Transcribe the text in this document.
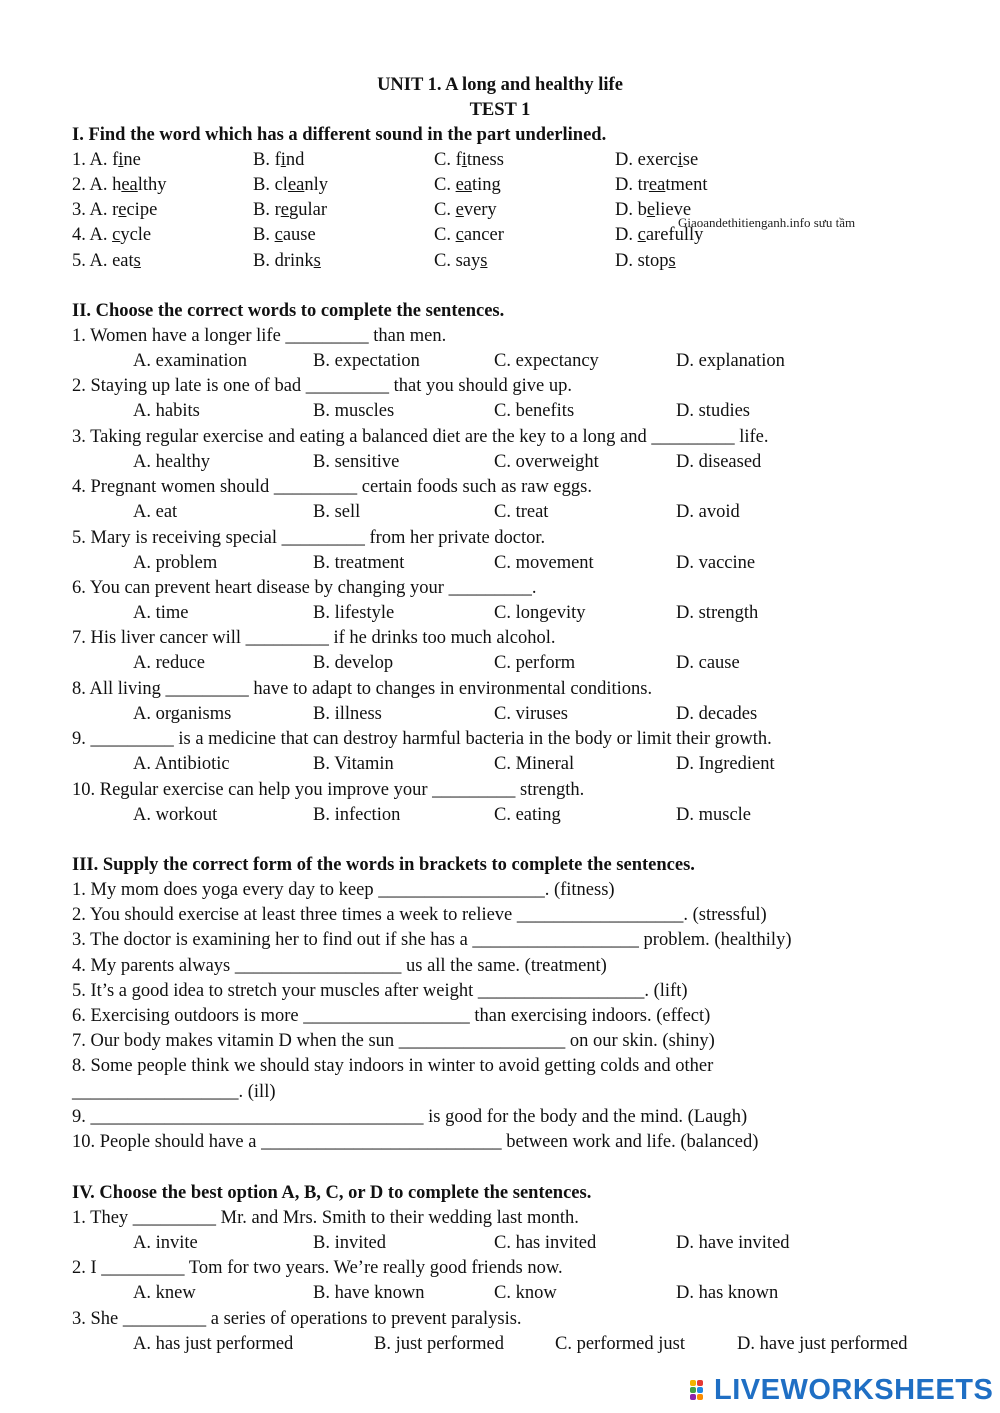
UNIT 1. A long and healthy life
TEST 1
I. Find the word which has a different sound in the part underlined.
1. A. fine	B. find	C. fitness	D. exercise
2. A. healthy	B. cleanly	C. eating	D. treatment
3. A. recipe	B. regular	C. every	D. believe
4. A. cycle	B. cause	C. cancer	D. carefully
5. A. eats	B. drinks	C. says	D. stops
Giaoandethitienganh.info sưu tầm
II. Choose the correct words to complete the sentences.
1. Women have a longer life _________ than men.
A. examination	B. expectation	C. expectancy	D. explanation
2. Staying up late is one of bad _________ that you should give up.
A. habits	B. muscles	C. benefits	D. studies
3. Taking regular exercise and eating a balanced diet are the key to a long and _________ life.
A. healthy	B. sensitive	C. overweight	D. diseased
4. Pregnant women should _________ certain foods such as raw eggs.
A. eat	B. sell	C. treat	D. avoid
5. Mary is receiving special _________ from her private doctor.
A. problem	B. treatment	C. movement	D. vaccine
6. You can prevent heart disease by changing your _________.
A. time	B. lifestyle	C. longevity	D. strength
7. His liver cancer will _________ if he drinks too much alcohol.
A. reduce	B. develop	C. perform	D. cause
8. All living _________ have to adapt to changes in environmental conditions.
A. organisms	B. illness	C. viruses	D. decades
9. _________ is a medicine that can destroy harmful bacteria in the body or limit their growth.
A. Antibiotic	B. Vitamin	C. Mineral	D. Ingredient
10. Regular exercise can help you improve your _________ strength.
A. workout	B. infection	C. eating	D. muscle
III. Supply the correct form of the words in brackets to complete the sentences.
1. My mom does yoga every day to keep __________________. (fitness)
2. You should exercise at least three times a week to relieve __________________. (stressful)
3. The doctor is examining her to find out if she has a __________________ problem. (healthily)
4. My parents always __________________ us all the same. (treatment)
5. It’s a good idea to stretch your muscles after weight __________________. (lift)
6. Exercising outdoors is more __________________ than exercising indoors. (effect)
7. Our body makes vitamin D when the sun __________________ on our skin. (shiny)
8. Some people think we should stay indoors in winter to avoid getting colds and other
__________________. (ill)
9. ____________________________________ is good for the body and the mind. (Laugh)
10. People should have a __________________________ between work and life. (balanced)
IV. Choose the best option A, B, C, or D to complete the sentences.
1. They _________ Mr. and Mrs. Smith to their wedding last month.
A. invite	B. invited	C. has invited	D. have invited
2. I _________ Tom for two years. We’re really good friends now.
A. knew	B. have known	C. know	D. has known
3. She _________ a series of operations to prevent paralysis.
A. has just performed	B. just performed	C. performed just	D. have just performed
LIVEWORKSHEETS
